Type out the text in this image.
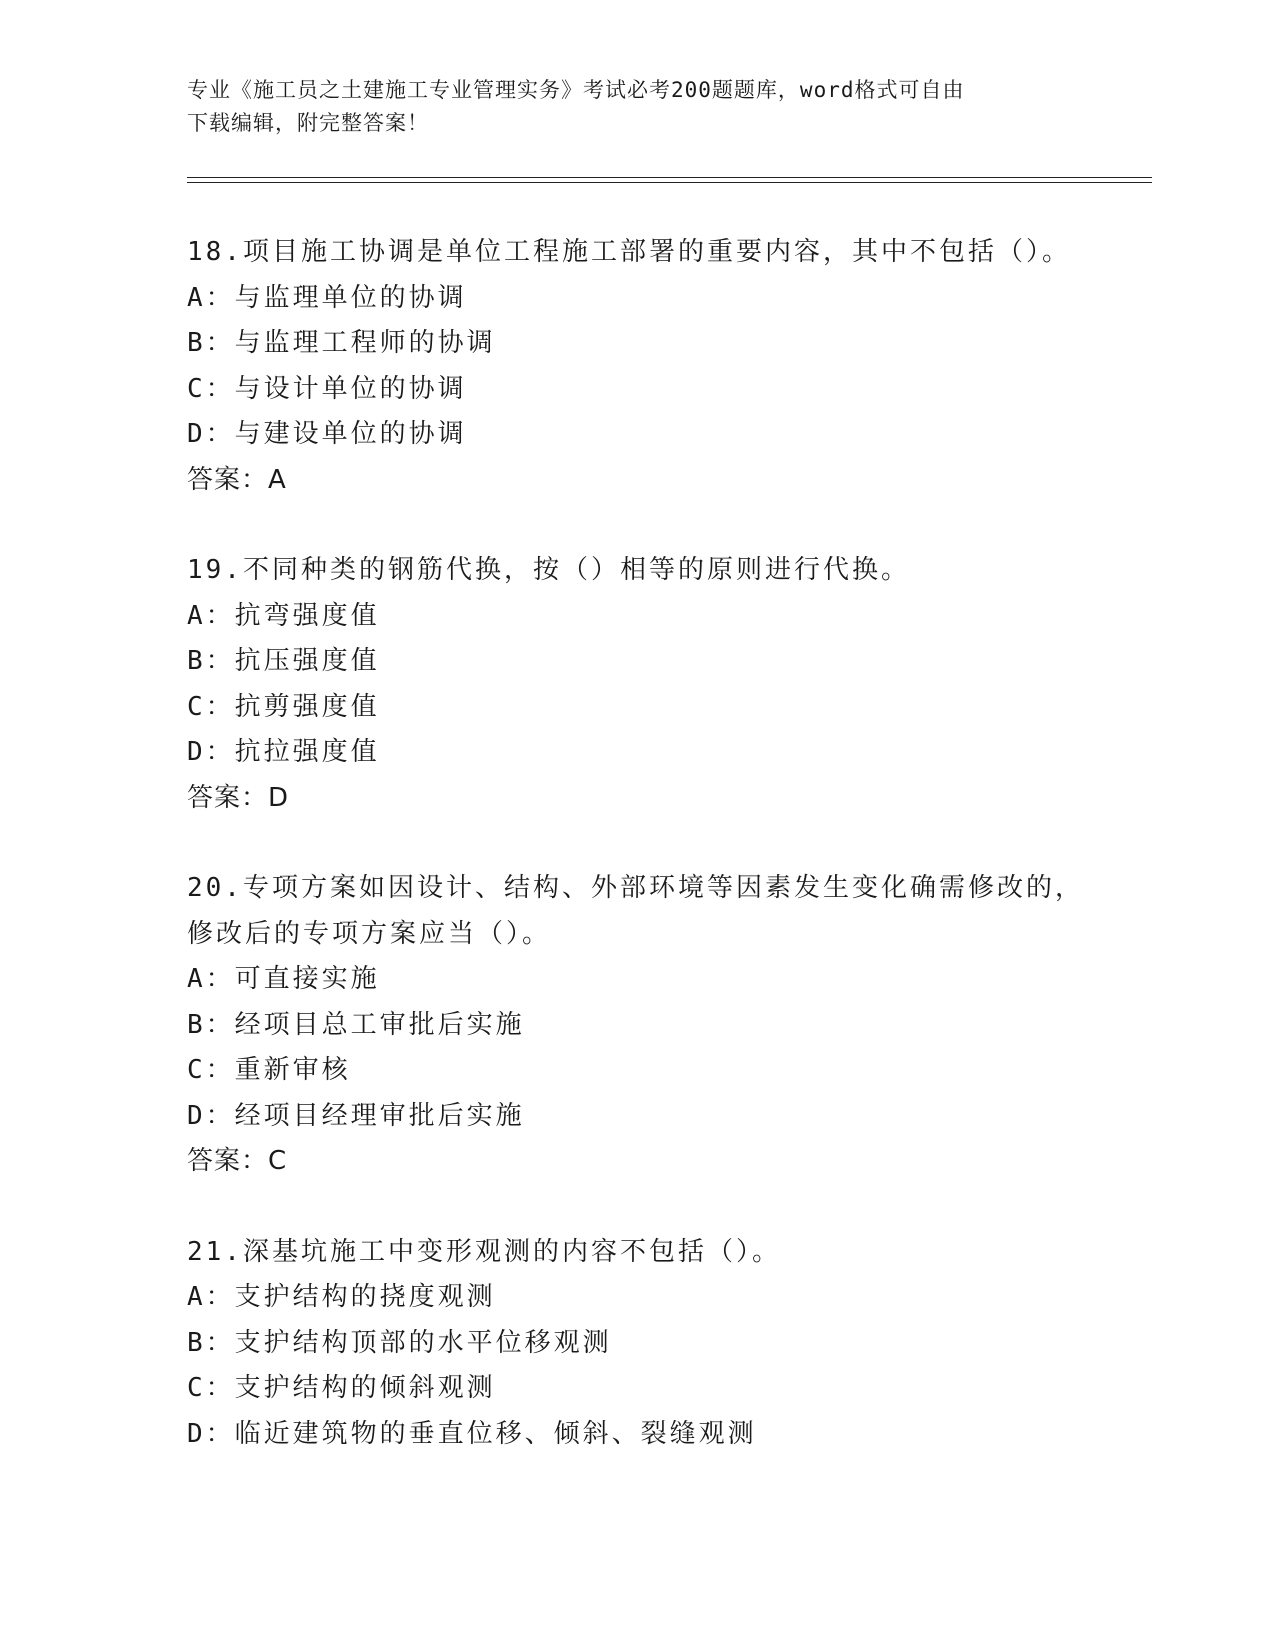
专业《施工员之土建施工专业管理实务》考试必考200题题库，word格式可自由
下载编辑，附完整答案！

18.项目施工协调是单位工程施工部署的重要内容，其中不包括（）。

A：与监理单位的协调

B：与监理工程师的协调

C：与设计单位的协调

D：与建设单位的协调

答案：A

19.不同种类的钢筋代换，按（）相等的原则进行代换。

A：抗弯强度值

B：抗压强度值

C：抗剪强度值

D：抗拉强度值

答案：D

20.专项方案如因设计、结构、外部环境等因素发生变化确需修改的，

修改后的专项方案应当（）。

A：可直接实施

B：经项目总工审批后实施

C：重新审核

D：经项目经理审批后实施

答案：C

21.深基坑施工中变形观测的内容不包括（）。

A：支护结构的挠度观测

B：支护结构顶部的水平位移观测

C：支护结构的倾斜观测

D：临近建筑物的垂直位移、倾斜、裂缝观测
